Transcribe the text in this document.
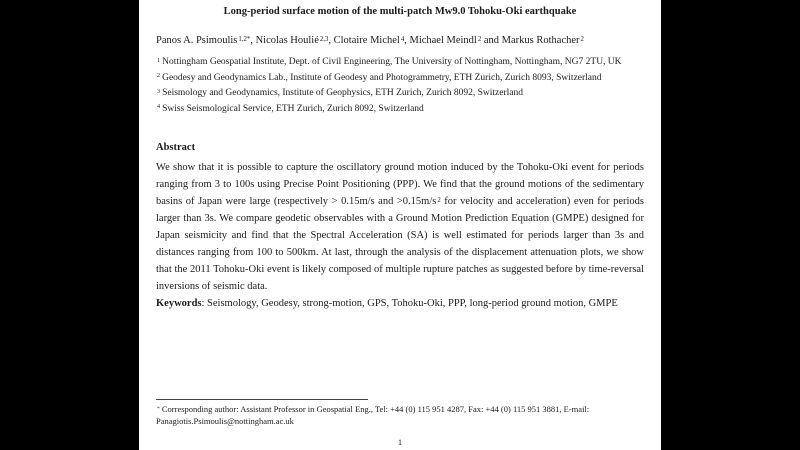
Long-period surface motion of the multi-patch Mw9.0 Tohoku-Oki earthquake

Panos A. Psimoulis$^{1,2*}$, Nicolas Houlié$^{2,3}$, Clotaire Michel$^4$, Michael Meindl$^2$ and Markus Rothacher$^2$

$^1$ Nottingham Geospatial Institute, Dept. of Civil Engineering, The University of Nottingham, Nottingham, NG7 2TU, UK

$^2$ Geodesy and Geodynamics Lab., Institute of Geodesy and Photogrammetry, ETH Zurich, Zurich 8093, Switzerland

$^3$ Seismology and Geodynamics, Institute of Geophysics, ETH Zurich, Zurich 8092, Switzerland

$^4$ Swiss Seismological Service, ETH Zurich, Zurich 8092, Switzerland

Abstract

We show that it is possible to capture the oscillatory ground motion induced by the Tohoku-Oki event for periods ranging from 3 to 100s using Precise Point Positioning (PPP). We find that the ground motions of the sedimentary basins of Japan were large (respectively > 0.15m/s and $>0.15m/s^2$ for velocity and acceleration) even for periods larger than 3s. We compare geodetic observables with a Ground Motion Prediction Equation (GMPE) designed for Japan seismicity and find that the Spectral Acceleration (SA) is well estimated for periods larger than 3s and distances ranging from 100 to 500km. At last, through the analysis of the displacement attenuation plots, we show that the 2011 Tohoku-Oki event is likely composed of multiple rupture patches as suggested before by time-reversal inversions of seismic data.

Keywords: Seismology, Geodesy, strong-motion, GPS, Tohoku-Oki, PPP, long-period ground motion, GMPE

* Corresponding author: Assistant Professor in Geospatial Eng., Tel: +44 (0) 115 951 4287, Fax: +44 (0) 115 951 3881, E-mail: Panagiotis.Psimoulis@nottingham.ac.uk
1
